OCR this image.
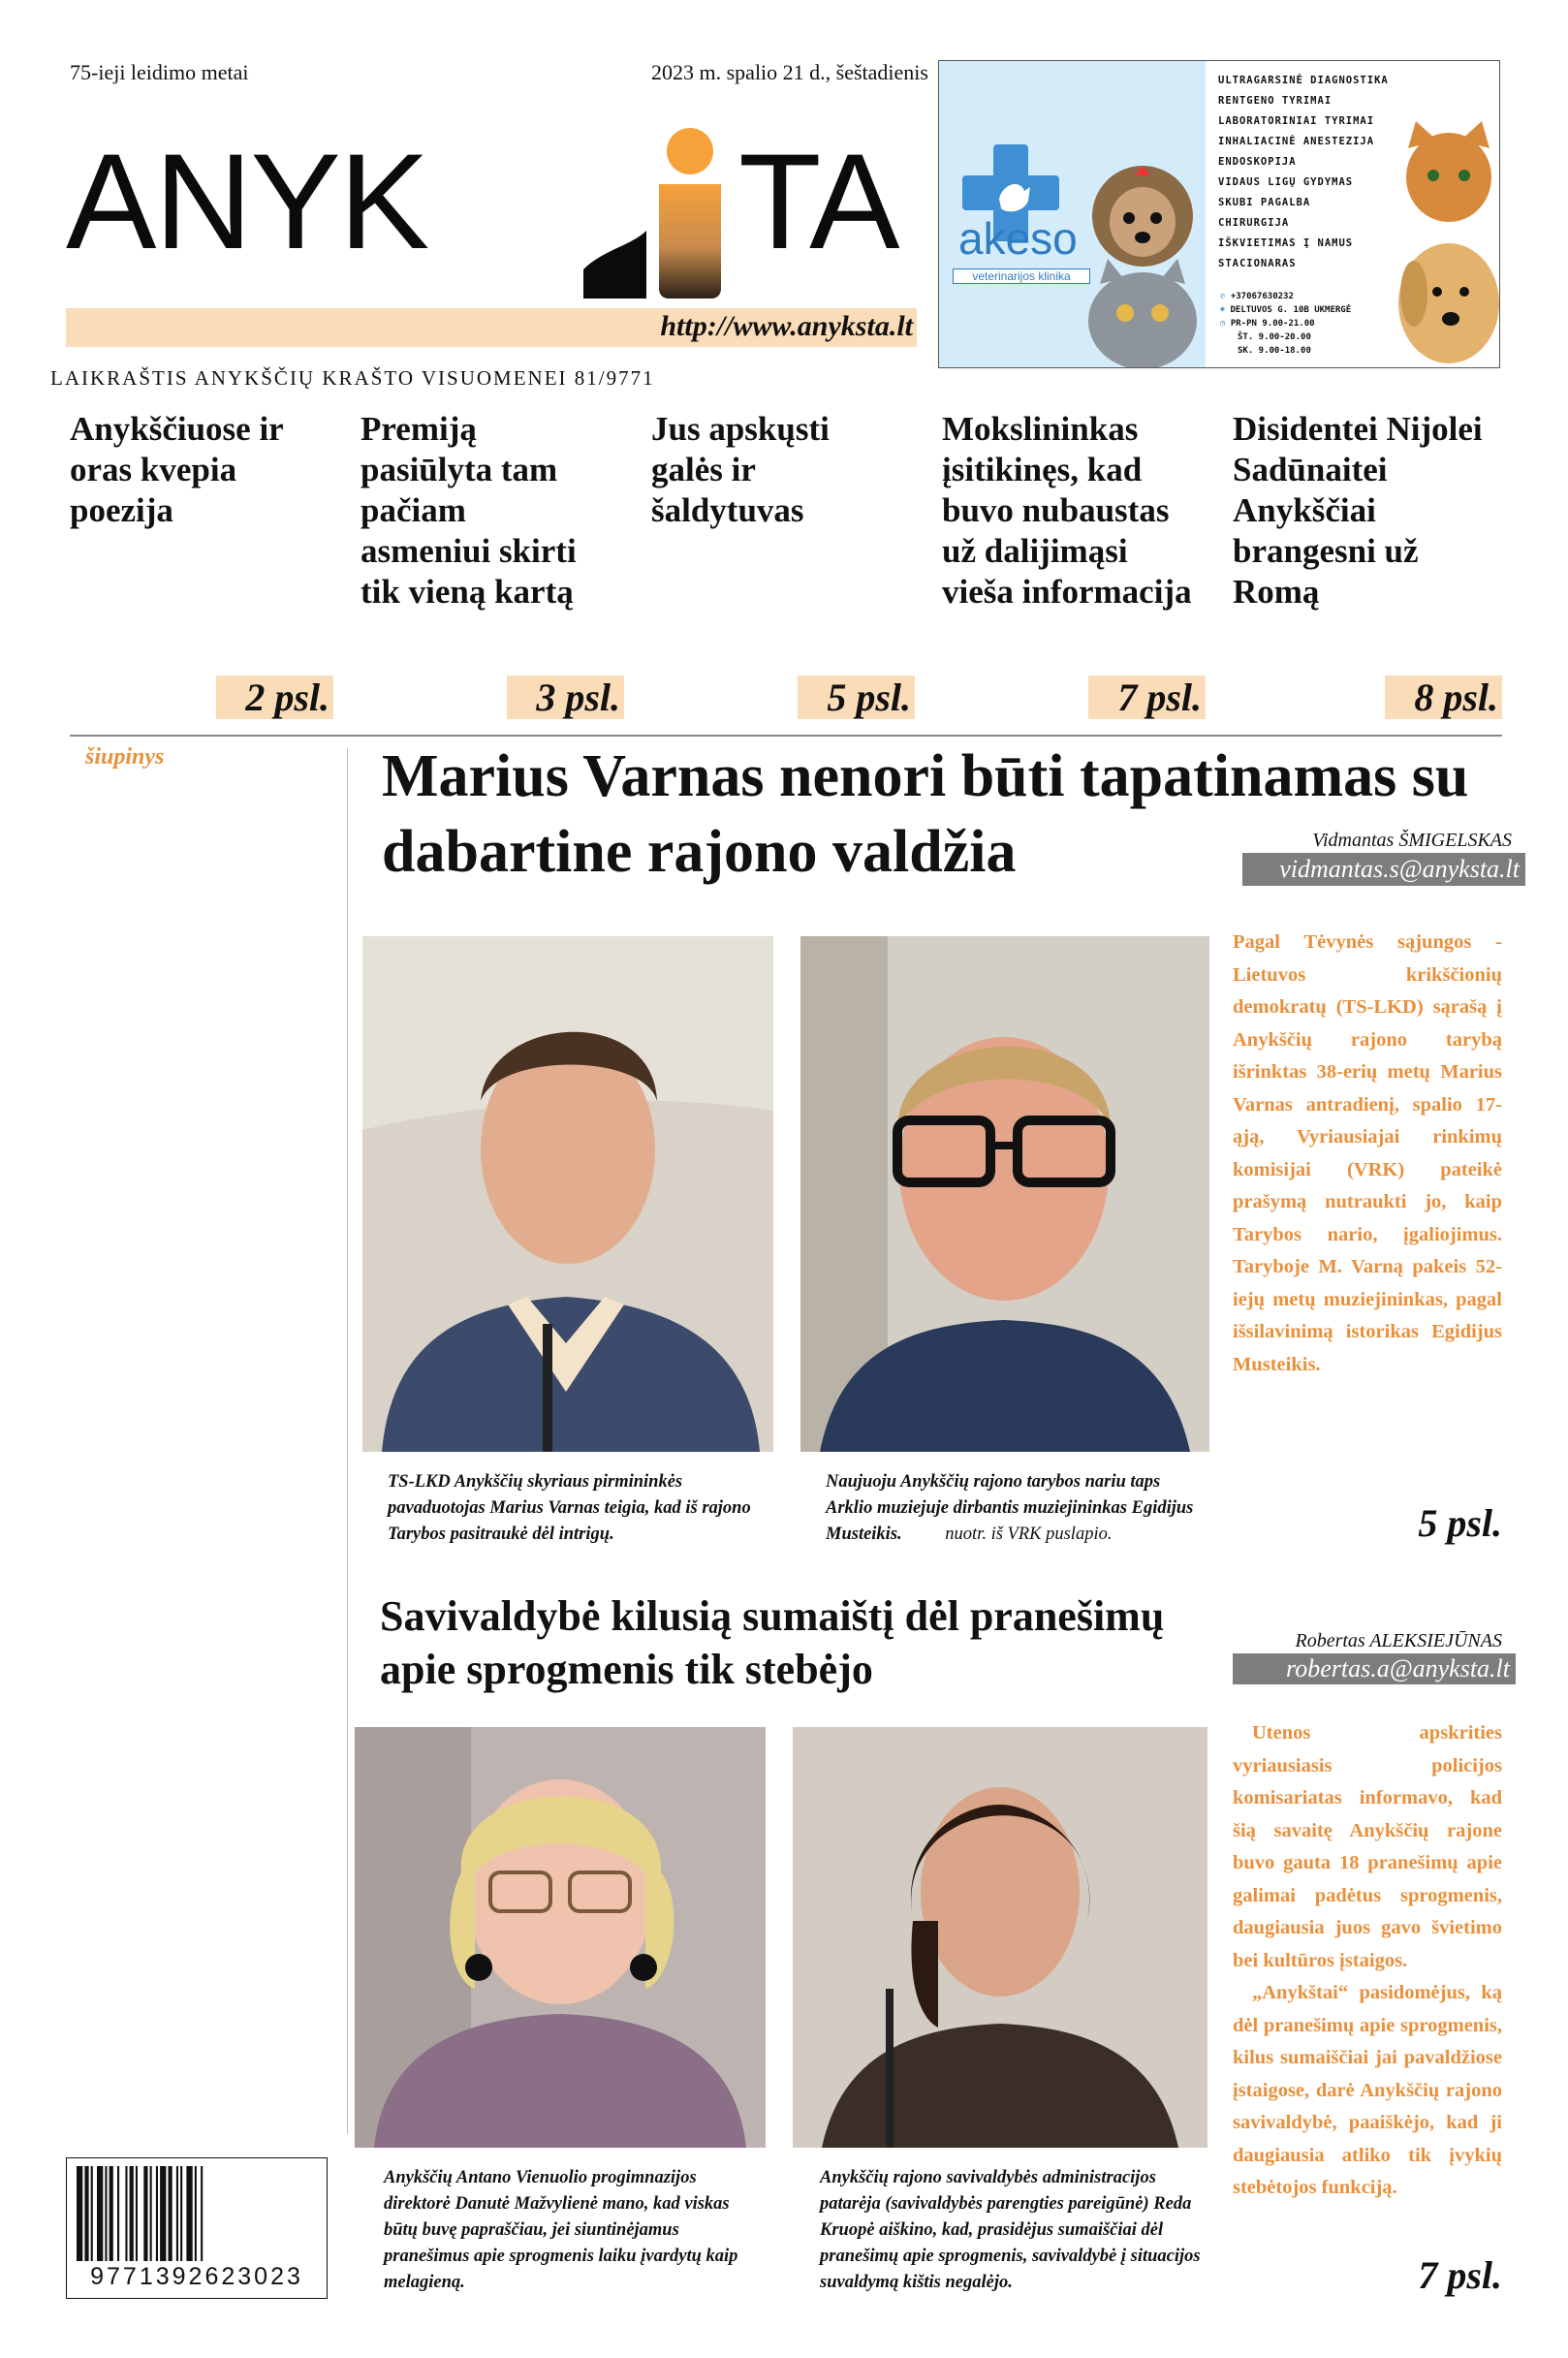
75-ieji leidimo metai	2023 m. spalio 21 d., šeštadienis
ANYK TA
http://www.anyksta.lt
LAIKRAŠTIS ANYKŠČIŲ KRAŠTO VISUOMENEI 81/9771
akeso
veterinarijos klinika
ULTRAGARSINĖ DIAGNOSTIKA
RENTGENO TYRIMAI
LABORATORINIAI TYRIMAI
INHALIACINĖ ANESTEZIJA
ENDOSKOPIJA
VIDAUS LIGŲ GYDYMAS
SKUBI PAGALBA
CHIRURGIJA
IŠKVIETIMAS Į NAMUS
STACIONARAS
✆ +37067630232
⌖ DELTUVOS G. 10B UKMERGĖ
◷ PR-PN 9.00-21.00
ŠT. 9.00-20.00
SK. 9.00-18.00
Anykščiuose ir oras kvepia poezija
Premiją pasiūlyta tam pačiam asmeniui skirti tik vieną kartą
Jus apskųsti galės ir šaldytuvas
Mokslininkas įsitikinęs, kad buvo nubaustas už dalijimąsi vieša informacija
Disidentei Nijolei Sadūnaitei Anykščiai brangesni už Romą
2 psl.	3 psl.	5 psl.	7 psl.	8 psl.
šiupinys	Marius Varnas nenori būti tapatinamas su dabartine rajono valdžia	Vidmantas ŠMIGELSKAS
vidmantas.s@anyksta.lt
TS-LKD Anykščių skyriaus pirmininkės pavaduotojas Marius Varnas teigia, kad iš rajono Tarybos pasitraukė dėl intrigų.
Naujuoju Anykščių rajono tarybos nariu taps Arklio muziejuje dirbantis muziejininkas Egidijus Musteikis. nuotr. iš VRK puslapio.
Pagal Tėvynės sąjungos - Lietuvos krikščionių demokratų (TS-LKD) sąrašą į Anykščių rajono tarybą išrinktas 38-erių metų Marius Varnas antradienį, spalio 17-ąją, Vyriausiajai rinkimų komisijai (VRK) pateikė prašymą nutraukti jo, kaip Tarybos nario, įgaliojimus. Taryboje M. Varną pakeis 52-iejų metų muziejininkas, pagal išsilavinimą istorikas Egidijus Musteikis.
5 psl.
Savivaldybė kilusią sumaištį dėl pranešimų apie sprogmenis tik stebėjo
Robertas ALEKSIEJŪNAS
robertas.a@anyksta.lt
Anykščių Antano Vienuolio progimnazijos direktorė Danutė Mažvylienė mano, kad viskas būtų buvę papraščiau, jei siuntinėjamus pranešimus apie sprogmenis laiku įvardytų kaip melagieną.
Anykščių rajono savivaldybės administracijos patarėja (savivaldybės parengties pareigūnė) Reda Kruopė aiškino, kad, prasidėjus sumaiščiai dėl pranešimų apie sprogmenis, savivaldybė į situacijos suvaldymą kištis negalėjo.
Utenos apskrities vyriausiasis policijos komisariatas informavo, kad šią savaitę Anykščių rajone buvo gauta 18 pranešimų apie galimai padėtus sprogmenis, daugiausia juos gavo švietimo bei kultūros įstaigos.
„Anykštai“ pasidomėjus, ką dėl pranešimų apie sprogmenis, kilus sumaiščiai jai pavaldžiose įstaigose, darė Anykščių rajono savivaldybė, paaiškėjo, kad ji daugiausia atliko tik įvykių stebėtojos funkciją.
7 psl.
9771392623023
